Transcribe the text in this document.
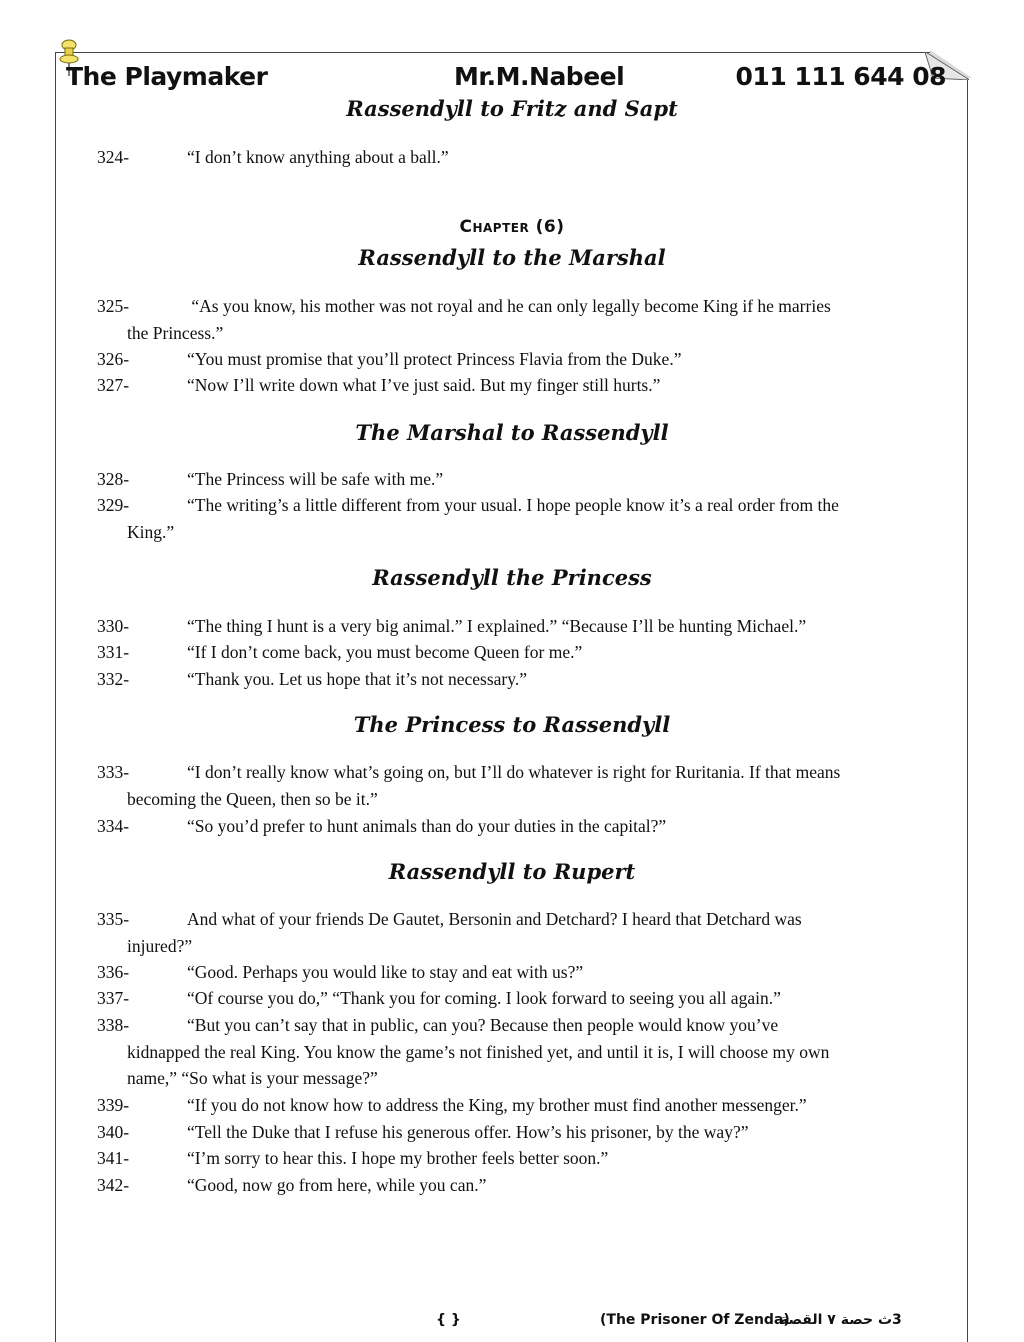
The Playmaker	Mr.M.Nabeel	011 111 644 08
Rassendyll to Fritz and Sapt
324-	“I don’t know anything about a ball.”
Chapter (6)
Rassendyll to the Marshal
325-	“As you know, his mother was not royal and he can only legally become King if he marries
the Princess.”
326-	“You must promise that you’ll protect Princess Flavia from the Duke.”
327-	“Now I’ll write down what I’ve just said. But my finger still hurts.”
The Marshal to Rassendyll
328-	“The Princess will be safe with me.”
329-	“The writing’s a little different from your usual. I hope people know it’s a real order from the
King.”
Rassendyll the Princess
330-	“The thing I hunt is a very big animal.” I explained.” “Because I’ll be hunting Michael.”
331-	“If I don’t come back, you must become Queen for me.”
332-	“Thank you. Let us hope that it’s not necessary.”
The Princess to Rassendyll
333-	“I don’t really know what’s going on, but I’ll do whatever is right for Ruritania. If that means
becoming the Queen, then so be it.”
334-	“So you’d prefer to hunt animals than do your duties in the capital?”
Rassendyll to Rupert
335-	And what of your friends De Gautet, Bersonin and Detchard? I heard that Detchard was
injured?”
336-	“Good. Perhaps you would like to stay and eat with us?”
337-	“Of course you do,” “Thank you for coming. I look forward to seeing you all again.”
338-	“But you can’t say that in public, can you? Because then people would know you’ve
kidnapped the real King. You know the game’s not finished yet, and until it is, I will choose my own
name,” “So what is your message?”
339-	“If you do not know how to address the King, my brother must find another messenger.”
340-	“Tell the Duke that I refuse his generous offer. How’s his prisoner, by the way?”
341-	“I’m sorry to hear this. I hope my brother feels better soon.”
342-	“Good, now go from here, while you can.”
{ }	(The Prisoner Of Zenda)
3ث حصة ٧ القصة
